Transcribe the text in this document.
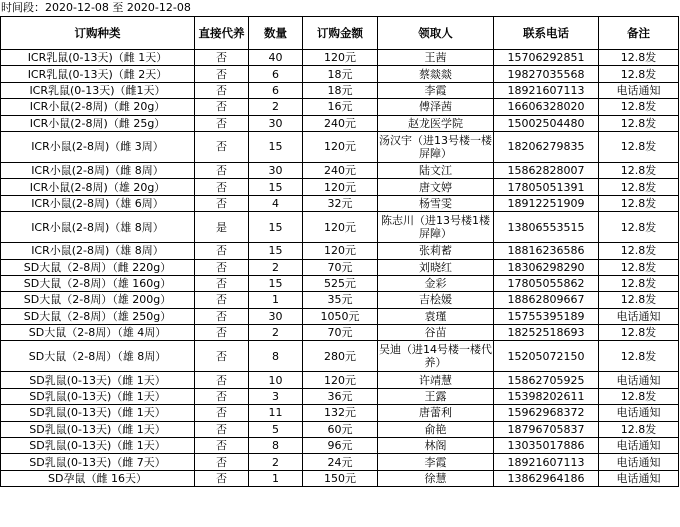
时间段：2020-12-08 至 2020-12-08
订购种类	直接代养	数量	订购金额	领取人	联系电话	备注
ICR乳鼠(0-13天)（雌 1天）	否	40	120元	王茜	15706292851	12.8发
ICR乳鼠(0-13天)（雌 2天）	否	6	18元	蔡燚燚	19827035568	12.8发
ICR乳鼠(0-13天)（雌1天）	否	6	18元	李霞	18921607113	电话通知
ICR小鼠(2-8周)（雌 20g）	否	2	16元	傅泽茜	16606328020	12.8发
ICR小鼠(2-8周)（雌 25g）	否	30	240元	赵龙医学院	15002504480	12.8发
ICR小鼠(2-8周)（雌 3周）	否	15	120元	汤汉宇（进13号楼一楼屏障）	18206279835	12.8发
ICR小鼠(2-8周)（雌 8周）	否	30	240元	陆文江	15862828007	12.8发
ICR小鼠(2-8周)（雄 20g）	否	15	120元	唐文婷	17805051391	12.8发
ICR小鼠(2-8周)（雄 6周）	否	4	32元	杨雪雯	18912251909	12.8发
ICR小鼠(2-8周)（雄 8周）	是	15	120元	陈志川（进13号楼1楼屏障）	13806553515	12.8发
ICR小鼠(2-8周)（雄 8周）	否	15	120元	张莉蓄	18816236586	12.8发
SD大鼠（2-8周）（雌 220g）	否	2	70元	刘晓红	18306298290	12.8发
SD大鼠（2-8周）（雄 160g）	否	15	525元	金彩	17805055862	12.8发
SD大鼠（2-8周）（雄 200g）	否	1	35元	吉桧媛	18862809667	12.8发
SD大鼠（2-8周）（雄 250g）	否	30	1050元	袁瑾	15755395189	电话通知
SD大鼠（2-8周）（雄 4周）	否	2	70元	谷苗	18252518693	12.8发
SD大鼠（2-8周）（雄 8周）	否	8	280元	吴迪（进14号楼一楼代养）	15205072150	12.8发
SD乳鼠(0-13天)（雌 1天）	否	10	120元	许靖慧	15862705925	电话通知
SD乳鼠(0-13天)（雌 1天）	否	3	36元	王露	15398202611	12.8发
SD乳鼠(0-13天)（雌 1天）	否	11	132元	唐蕾利	15962968372	电话通知
SD乳鼠(0-13天)（雌 1天）	否	5	60元	俞艳	18796705837	12.8发
SD乳鼠(0-13天)（雌 1天）	否	8	96元	林阁	13035017886	电话通知
SD乳鼠(0-13天)（雌 7天）	否	2	24元	李霞	18921607113	电话通知
SD孕鼠（雌 16天）	否	1	150元	徐慧	13862964186	电话通知
